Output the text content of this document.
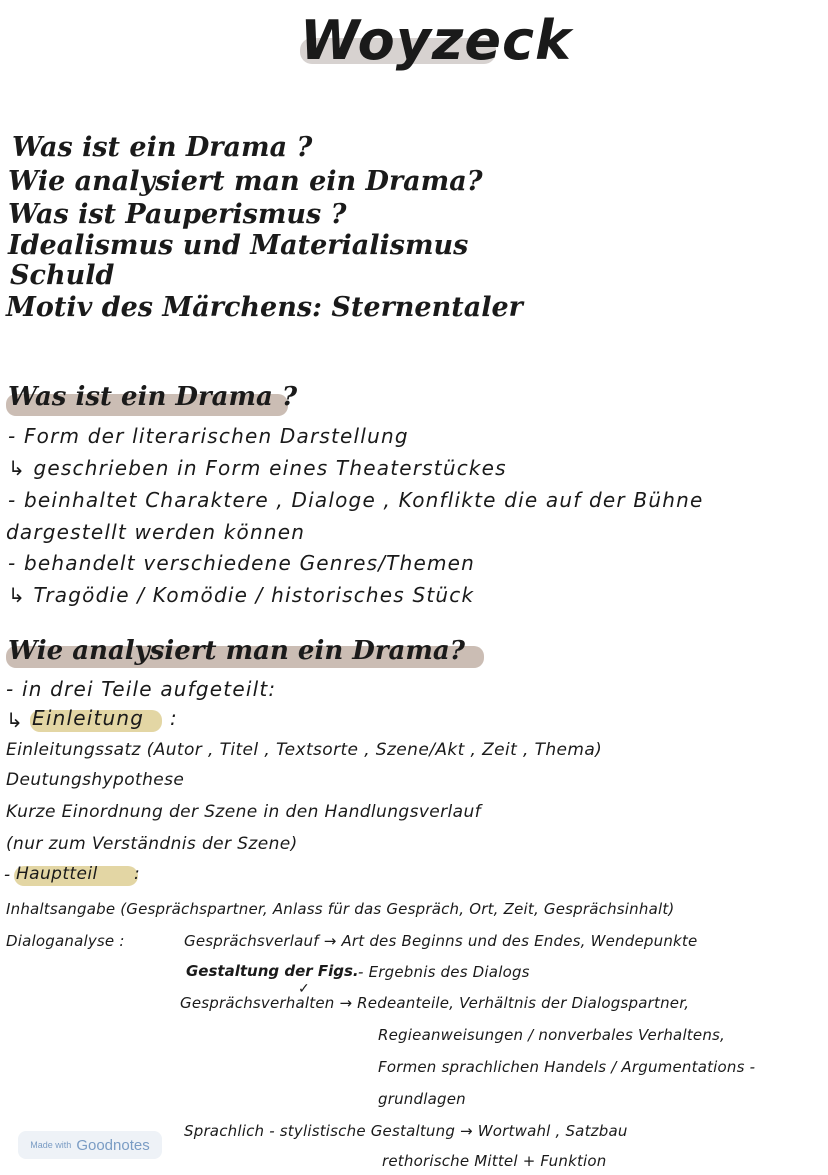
Woyzeck
Was ist ein Drama ?
Wie analysiert man ein Drama?
Was ist Pauperismus ?
Idealismus und Materialismus
Schuld
Motiv des Märchens: Sternentaler
Was ist ein Drama ?
- Form der literarischen Darstellung
↳ geschrieben in Form eines Theaterstückes
- beinhaltet Charaktere , Dialoge , Konflikte die auf der Bühne
dargestellt werden können
- behandelt verschiedene Genres/Themen
↳ Tragödie / Komödie / historisches Stück
Wie analysiert man ein Drama?
- in drei Teile aufgeteilt:
↳ Einleitung :
Einleitungssatz (Autor , Titel , Textsorte , Szene/Akt , Zeit , Thema)
Deutungshypothese
Kurze Einordnung der Szene in den Handlungsverlauf
(nur zum Verständnis der Szene)
- Hauptteil :
Inhaltsangabe (Gesprächspartner, Anlass für das Gespräch, Ort, Zeit, Gesprächsinhalt)
Dialoganalyse :	Gesprächsverlauf → Art des Beginns und des Endes, Wendepunkte
Gestaltung der Figs.
✓
- Ergebnis des Dialogs
Gesprächsverhalten → Redeanteile, Verhältnis der Dialogspartner,
Regieanweisungen / nonverbales Verhaltens,
Formen sprachlichen Handels / Argumentations -
grundlagen
Sprachlich - stylistische Gestaltung → Wortwahl , Satzbau
rethorische Mittel + Funktion
Made with Goodnotes
